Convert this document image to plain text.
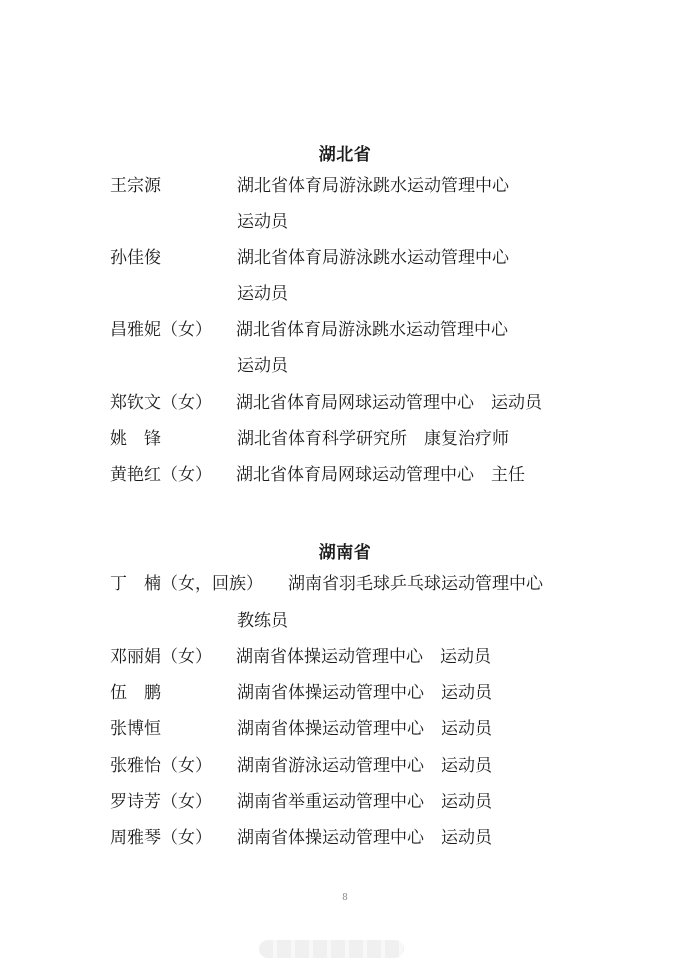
湖北省
王宗源	湖北省体育局游泳跳水运动管理中心
运动员
孙佳俊	湖北省体育局游泳跳水运动管理中心
运动员
昌雅妮（女） 湖北省体育局游泳跳水运动管理中心
运动员
郑钦文（女） 湖北省体育局网球运动管理中心　运动员
姚　锋	湖北省体育科学研究所　康复治疗师
黄艳红（女） 湖北省体育局网球运动管理中心　主任
湖南省
丁　楠（女，回族） 湖南省羽毛球乒乓球运动管理中心
教练员
邓丽娟（女） 湖南省体操运动管理中心　运动员
伍　鹏	湖南省体操运动管理中心　运动员
张博恒	湖南省体操运动管理中心　运动员
张雅怡（女） 湖南省游泳运动管理中心　运动员
罗诗芳（女） 湖南省举重运动管理中心　运动员
周雅琴（女） 湖南省体操运动管理中心　运动员
8
